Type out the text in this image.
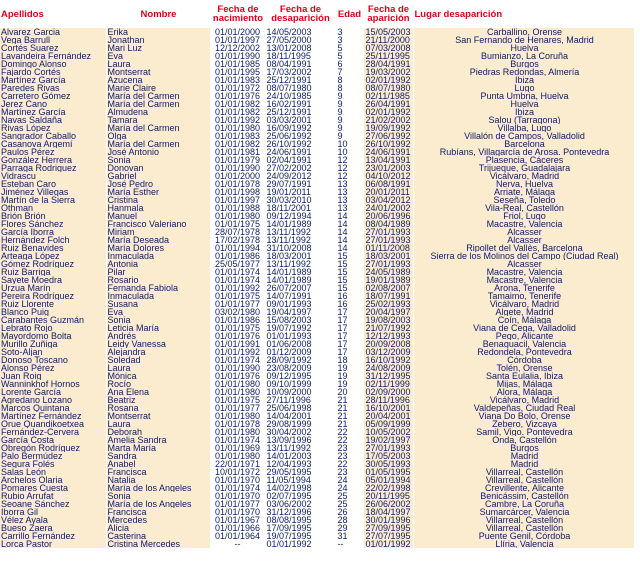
Apellidos	Nombre	Fecha de nacimiento	Fecha de desaparición	Edad	Fecha de aparición	Lugar desaparición
Alvarez Garcia	Erika	01/01/2000	14/05/2003	3	15/05/2003	Carballino, Orense
Vega Barrull	Jonathan	01/01/1997	27/05/2000	3	21/11/2000	San Fernando de Henares, Madrid
Cortés Suarez	Mari Luz	12/12/2002	13/01/2008	5	07/03/2008	Huelva
Lavandeira Fernández	Eva	01/01/1990	18/11/1995	5	25/11/1995	Bumianzo, La Coruña
Domingo Alonso	Laura	01/01/1985	08/04/1991	6	28/04/1991	Burgos
Fajardo Cortés	Montserrat	01/01/1995	17/03/2002	7	19/03/2002	Piedras Redondas, Almería
Martínez García	Azucena	01/01/1983	25/12/1991	8	02/01/1992	Ibiza
Paredes Rivas	Marie Claire	01/01/1972	08/07/1980	8	08/07/1980	Lugo
Carretero Gómez	María del Carmen	01/01/1976	24/10/1985	9	02/11/1985	Punta Umbria, Huelva
Jerez Cano	María del Carmen	01/01/1982	16/02/1991	9	26/04/1991	Huelva
Martínez García	Almudena	01/01/1982	25/12/1991	9	02/01/1992	Ibiza
Navas Saldaña	Tamara	01/01/1992	03/03/2001	9	21/02/2002	Salou (Tarragona)
Rivas López	María del Carmen	01/01/1980	16/09/1992	9	19/09/1992	Villalba, Lugo
Sangrador Caballo	Olga	01/01/1983	25/06/1992	9	27/06/1992	Villalón de Campos, Valladolid
Casanova Argemí	María del Carmen	01/01/1982	26/10/1992	10	26/10/1992	Barcelona
Paulos Pérez	José Antonio	01/01/1981	24/06/1991	10	24/06/1991	Rubíans, Villagarcía de Arosa. Pontevedra
González Herrera	Sonia	01/01/1979	02/04/1991	12	13/04/1991	Plasencia, Cáceres
Parraga Rodriguez	Donovan	01/01/1990	27/02/2002	12	23/01/2003	Trijueque, Guadalajara
Vidrascu	Gabriel	01/01/2000	24/09/2012	12	04/10/2012	Vicálvaro, Madrid
Esteban Caro	José Pedro	01/01/1978	29/07/1991	13	06/08/1991	Nerva, Huelva
Jiménez Villegas	María Esther	01/01/1998	19/01/2011	13	20/01/2011	Arriate, Málaga
Martín de la Sierra	Cristina	01/01/1997	30/03/2010	13	03/04/2012	Seseña, Toledo
Othman	Hanmala	01/01/1988	18/11/2001	13	24/01/2002	Vila-Real, Castellón
Brión Brión	Manuel	01/01/1980	09/12/1994	14	20/06/1996	Friol, Lugo
Flores Sánchez	Francisco Valeriano	01/01/1975	14/01/1989	14	08/04/1989	Macastre, Valencia
García Iborra	Miriam	28/07/1978	13/11/1992	14	27/01/1993	Alcasser
Hernández Folch	María Deseada	17/02/1978	13/11/1992	14	27/01/1993	Alcasser
Ruiz Benavides	María Dolores	01/01/1994	31/10/2008	14	01/11/2008	Ripollet del Vallès, Barcelona
Arteaga López	Inmaculada	01/01/1986	18/03/2001	15	18/03/2001	Sierra de los Molinos del Campo (Ciudad Real)
Gómez Rodríguez	Antonia	25/05/1977	13/11/1992	15	27/01/1993	Alcasser
Ruiz Barriga	Pilar	01/01/1974	14/01/1989	15	24/05/1989	Macastre, Valencia
Sayete Moedra	Rosario	01/01/1974	14/01/1989	15	19/01/1989	Macastre, Valencia
Urzua Marín	Fernanda Fabiola	01/01/1992	26/07/2007	15	02/08/2007	Arona, Tenerife
Pereira Rodríguez	Inmaculada	01/01/1975	14/07/1991	16	18/07/1991	Tamaimo, Tenerife
Ruiz Llorente	Susana	01/01/1977	09/01/1993	16	25/02/1993	Vicálvaro, Madrid
Blanco Puig	Eva	03/02/1980	19/04/1997	17	20/04/1997	Algete, Madrid
Carabantes Guzmán	Sonia	01/01/1986	15/08/2003	17	19/08/2003	Coín, Málaga
Lebrato Rojo	Leticia María	01/01/1975	19/07/1992	17	21/07/1992	Viana de Cega, Valladolid
Mayordomo Bolta	Andrés	01/01/1976	01/01/1993	17	12/12/1993	Pego, Alicante
Murillo Zuñiga	Leidy Vanessa	01/01/1991	01/06/2008	17	20/09/2008	Benaguacil, Valencia
Soto-Aljan	Alejandra	01/01/1992	01/12/2009	17	03/12/2009	Redondela, Pontevedra
Donoso Toscano	Soledad	01/01/1974	28/09/1992	18	16/10/1992	Córdoba
Alonso Pérez	Laura	01/01/1990	23/08/2009	19	24/08/2009	Tolén, Orense
Juan Roig	Mónica	01/01/1976	09/12/1995	19	31/12/1995	Santa Eulalia, Ibiza
Wanninkhof Hornos	Rocío	01/01/1980	09/10/1999	19	02/11/1999	Mijas, Málaga
Lorente García	Ana Elena	01/01/1980	10/09/2000	20	02/09/2000	Alora, Málaga
Agredano Lozano	Beatriz	01/01/1975	27/11/1996	21	28/11/1996	Vicálvaro, Madrid
Marcos Quintana	Rosana	01/01/1977	25/06/1998	21	16/10/2001	Valdepeñas, Ciudad Real
Martínez Fernández	Montserrat	01/01/1980	14/04/2001	21	20/04/2001	Viana Do Bolo, Orense
Orue Quandikoetxea	Laura	01/01/1978	29/08/1999	21	05/09/1999	Zebero, Vizcaya
Fernández-Cervera	Deborah	01/01/1980	30/04/2002	22	10/05/2002	Samil, Vigo. Pontevedra
García Costa	Amelia Sandra	01/01/1974	13/09/1996	22	19/02/1997	Onda, Castellón
Obregón Rodríguez	Marta María	01/01/1969	13/11/1992	23	27/01/1993	Burgos
Palo Bermúdez	Sandra	01/01/1980	14/01/2003	23	17/05/2003	Madrid
Segura Folés	Anabel	22/01/1971	12/04/1993	22	30/05/1993	Madrid
Salas León	Francisca	10/01/1972	29/05/1995	23	01/05/1995	Villarreal, Castellón
Archelos Olaria	Natalia	01/01/1970	11/05/1994	24	05/01/1994	Villarreal, Castellón
Pomares Cuesta	María de los Angeles	01/01/1974	14/02/1998	24	22/02/1998	Crevillente, Alicante
Rubio Arrufat	Sonia	01/01/1970	02/07/1995	25	20/11/1995	Benicássim, Castellón
Seoane Sánchez	María de los Angeles	01/01/1977	03/06/2002	25	26/06/2002	Cambre, La Coruña
Iborra Gil	Francisca	01/01/1970	31/12/1996	26	18/04/1997	Sumarcárcer, Valencia
Vélez Ayala	Mercedes	01/01/1967	08/08/1995	28	30/01/1996	Villarreal, Castellón
Bueso Zaera	Alicia	01/01/1966	17/09/1995	29	27/09/1995	Villarreal, Castellón
Carrillo Fernández	Casterina	01/01/1964	19/07/1995	31	27/07/1995	Puente Genil, Córdoba
Lorca Pastor	Cristina Mercedes	--	01/01/1992	--	01/01/1992	Llíria, Valencia
